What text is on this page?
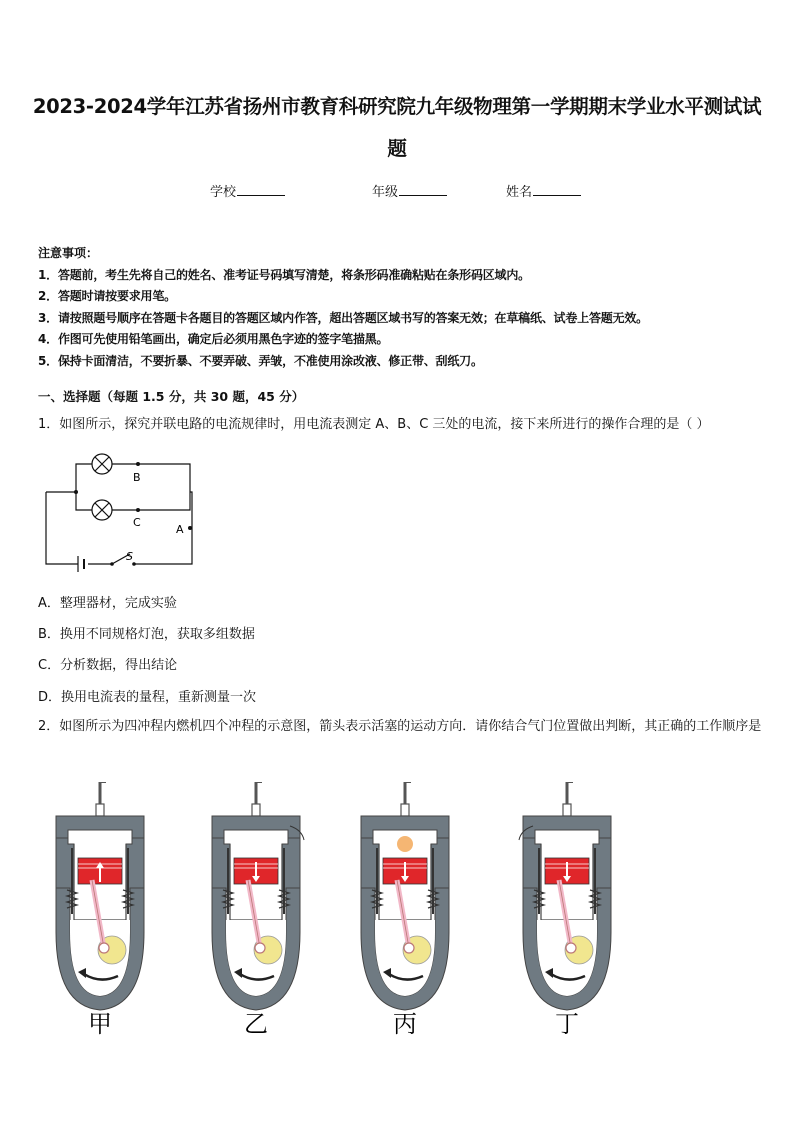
2023-2024学年江苏省扬州市教育科研究院九年级物理第一学期期末学业水平测试试题
学校	年级	姓名
注意事项：
1．答题前，考生先将自己的姓名、准考证号码填写清楚，将条形码准确粘贴在条形码区域内。
2．答题时请按要求用笔。
3．请按照题号顺序在答题卡各题目的答题区域内作答，超出答题区域书写的答案无效；在草稿纸、试卷上答题无效。
4．作图可先使用铅笔画出，确定后必须用黑色字迹的签字笔描黑。
5．保持卡面清洁，不要折暴、不要弄破、弄皱，不准使用涂改液、修正带、刮纸刀。
一、选择题（每题 1.5 分，共 30 题，45 分）
1．如图所示，探究并联电路的电流规律时，用电流表测定 A、B、C 三处的电流，接下来所进行的操作合理的是（ ）
B
C
A
S
A．整理器材，完成实验
B．换用不同规格灯泡，获取多组数据
C．分析数据，得出结论
D．换用电流表的量程，重新测量一次
2．如图所示为四冲程内燃机四个冲程的示意图，箭头表示活塞的运动方向．请你结合气门位置做出判断，其正确的工作顺序是
甲	乙	丙	丁
